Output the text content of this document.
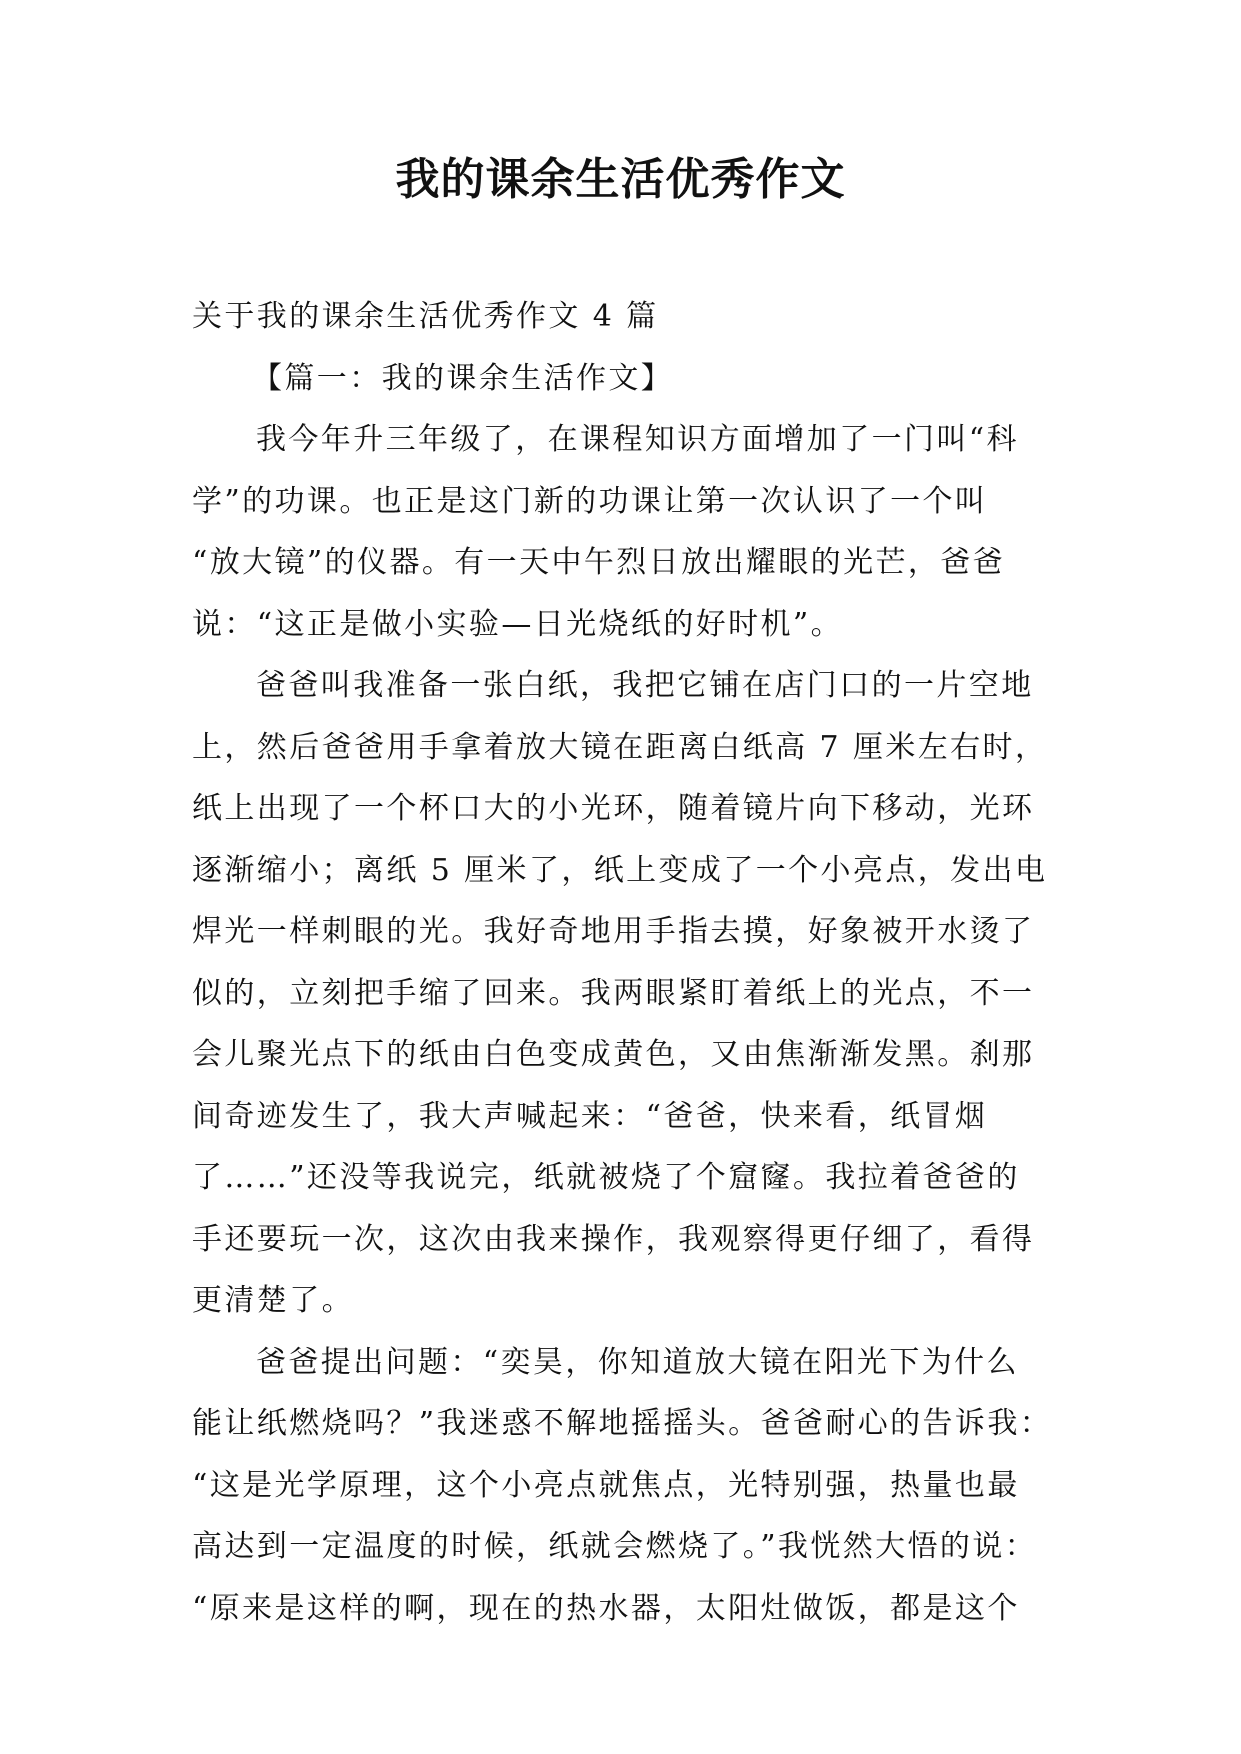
我的课余生活优秀作文
关于我的课余生活优秀作文 4 篇
【篇一：我的课余生活作文】
我今年升三年级了，在课程知识方面增加了一门叫“科
学”的功课。也正是这门新的功课让第一次认识了一个叫
“放大镜”的仪器。有一天中午烈日放出耀眼的光芒，爸爸
说：“这正是做小实验—日光烧纸的好时机”。
爸爸叫我准备一张白纸，我把它铺在店门口的一片空地
上，然后爸爸用手拿着放大镜在距离白纸高 7 厘米左右时，
纸上出现了一个杯口大的小光环，随着镜片向下移动，光环
逐渐缩小；离纸 5 厘米了，纸上变成了一个小亮点，发出电
焊光一样刺眼的光。我好奇地用手指去摸，好象被开水烫了
似的，立刻把手缩了回来。我两眼紧盯着纸上的光点，不一
会儿聚光点下的纸由白色变成黄色，又由焦渐渐发黑。刹那
间奇迹发生了，我大声喊起来：“爸爸，快来看，纸冒烟
了……”还没等我说完，纸就被烧了个窟窿。我拉着爸爸的
手还要玩一次，这次由我来操作，我观察得更仔细了，看得
更清楚了。
爸爸提出问题：“奕昊，你知道放大镜在阳光下为什么
能让纸燃烧吗？”我迷惑不解地摇摇头。爸爸耐心的告诉我：
“这是光学原理，这个小亮点就焦点，光特别强，热量也最
高达到一定温度的时候，纸就会燃烧了。”我恍然大悟的说：
“原来是这样的啊，现在的热水器，太阳灶做饭，都是这个
